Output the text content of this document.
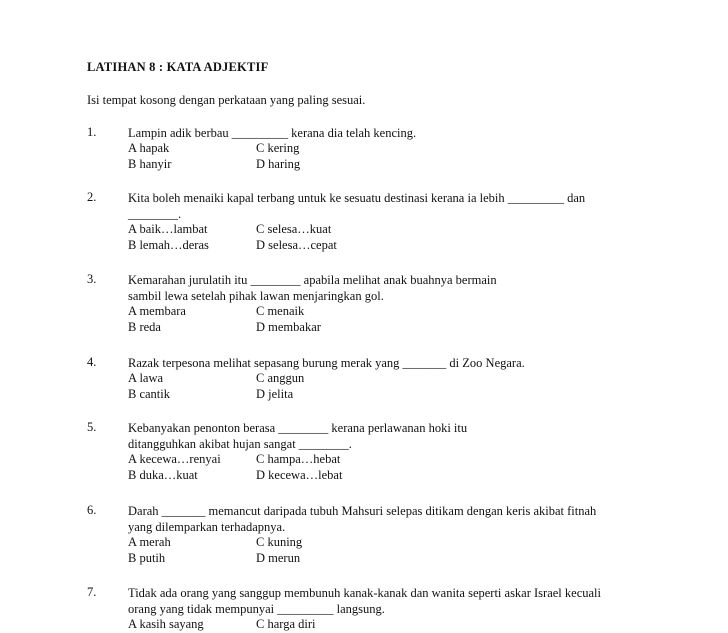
LATIHAN 8 : KATA ADJEKTIF
Isi tempat kosong dengan perkataan yang paling sesuai.
1.	Lampin adik berbau _________ kerana dia telah kencing.
A hapak	C kering
B hanyir	D haring
2.	Kita boleh menaiki kapal terbang untuk ke sesuatu destinasi kerana ia lebih _________ dan
________.
A baik…lambat	C selesa…kuat
B lemah…deras	D selesa…cepat
3.	Kemarahan jurulatih itu ________ apabila melihat anak buahnya bermain
sambil lewa setelah pihak lawan menjaringkan gol.
A membara	C menaik
B reda	D membakar
4.	Razak terpesona melihat sepasang burung merak yang _______ di Zoo Negara.
A lawa	C anggun
B cantik	D jelita
5.	Kebanyakan penonton berasa ________ kerana perlawanan hoki itu
ditangguhkan akibat hujan sangat ________.
A kecewa…renyai	C hampa…hebat
B duka…kuat	D kecewa…lebat
6.	Darah _______ memancut daripada tubuh Mahsuri selepas ditikam dengan keris akibat fitnah
yang dilemparkan terhadapnya.
A merah	C kuning
B putih	D merun
7.	Tidak ada orang yang sanggup membunuh kanak-kanak dan wanita seperti askar Israel kecuali
orang yang tidak mempunyai _________ langsung.
A kasih sayang	C harga diri
